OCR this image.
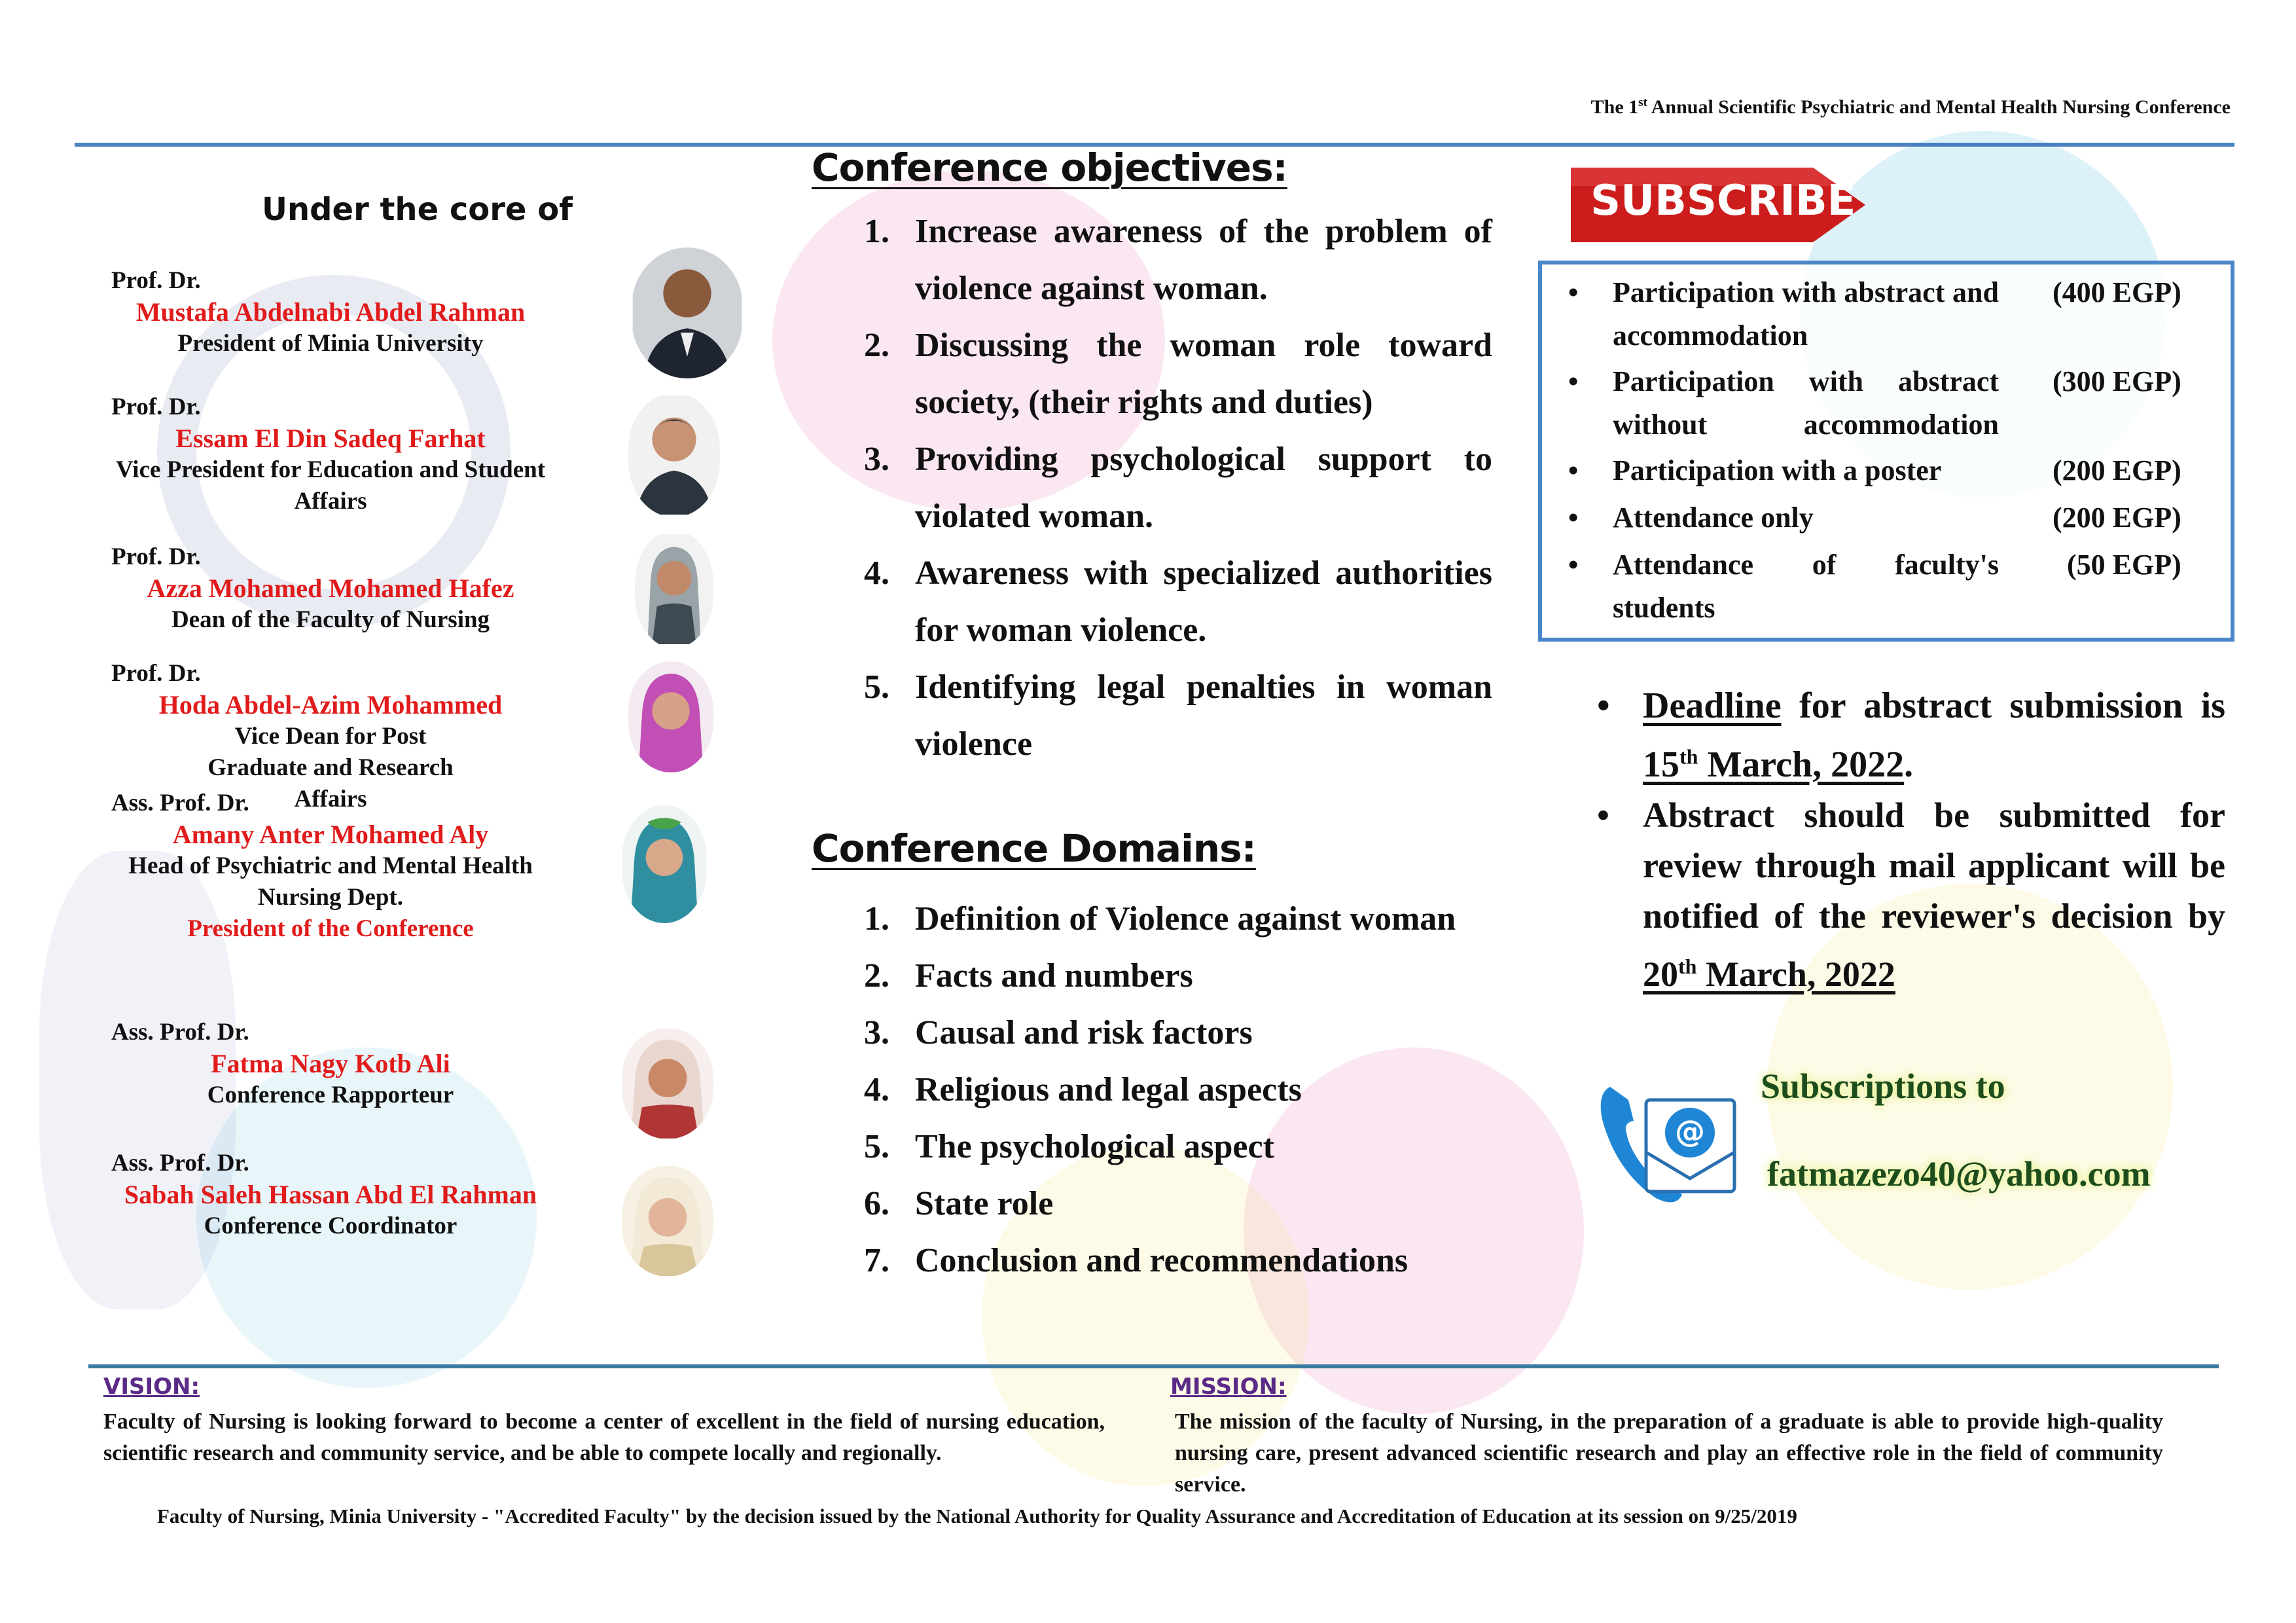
The 1st Annual Scientific Psychiatric and Mental Health Nursing Conference
Under the core of
Prof. Dr.
Mustafa Abdelnabi Abdel Rahman
President of Minia University
Prof. Dr.
Essam El Din Sadeq Farhat
Vice President for Education and Student Affairs
Prof. Dr.
Azza Mohamed Mohamed Hafez
Dean of the Faculty of Nursing
Prof. Dr.
Hoda Abdel-Azim Mohammed
Vice Dean for Post Graduate and Research Affairs
Ass. Prof. Dr.
Amany Anter Mohamed Aly
Head of Psychiatric and Mental Health Nursing Dept.
President of the Conference
Ass. Prof. Dr.
Fatma Nagy Kotb Ali
Conference Rapporteur
Ass. Prof. Dr.
Sabah Saleh Hassan Abd El Rahman
Conference Coordinator
Conference objectives:
1. Increase awareness of the problem of violence against woman.
2. Discussing the woman role toward society, (their rights and duties)
3. Providing psychological support to violated woman.
4. Awareness with specialized authorities for woman violence.
5. Identifying legal penalties in woman violence
Conference Domains:
1. Definition of Violence against woman
2. Facts and numbers
3. Causal and risk factors
4. Religious and legal aspects
5. The psychological aspect
6. State role
7. Conclusion and recommendations
SUBSCRIBE
• Participation with abstract and accommodation
(400 EGP)
• Participation with abstract without accommodation
(300 EGP)
• Participation with a poster	(200 EGP)
• Attendance only	(200 EGP)
• Attendance of faculty's students
(50 EGP)
• Deadline for abstract submission is 15th March, 2022.
• Abstract should be submitted for review through mail applicant will be notified of the reviewer's decision by 20th March, 2022
@
Subscriptions to
fatmazezo40@yahoo.com
VISION:
Faculty of Nursing is looking forward to become a center of excellent in the field of nursing education, scientific research and community service, and be able to compete locally and regionally.
MISSION:
The mission of the faculty of Nursing, in the preparation of a graduate is able to provide high-quality nursing care, present advanced scientific research and play an effective role in the field of community service.
Faculty of Nursing, Minia University - "Accredited Faculty" by the decision issued by the National Authority for Quality Assurance and Accreditation of Education at its session on 9/25/2019
